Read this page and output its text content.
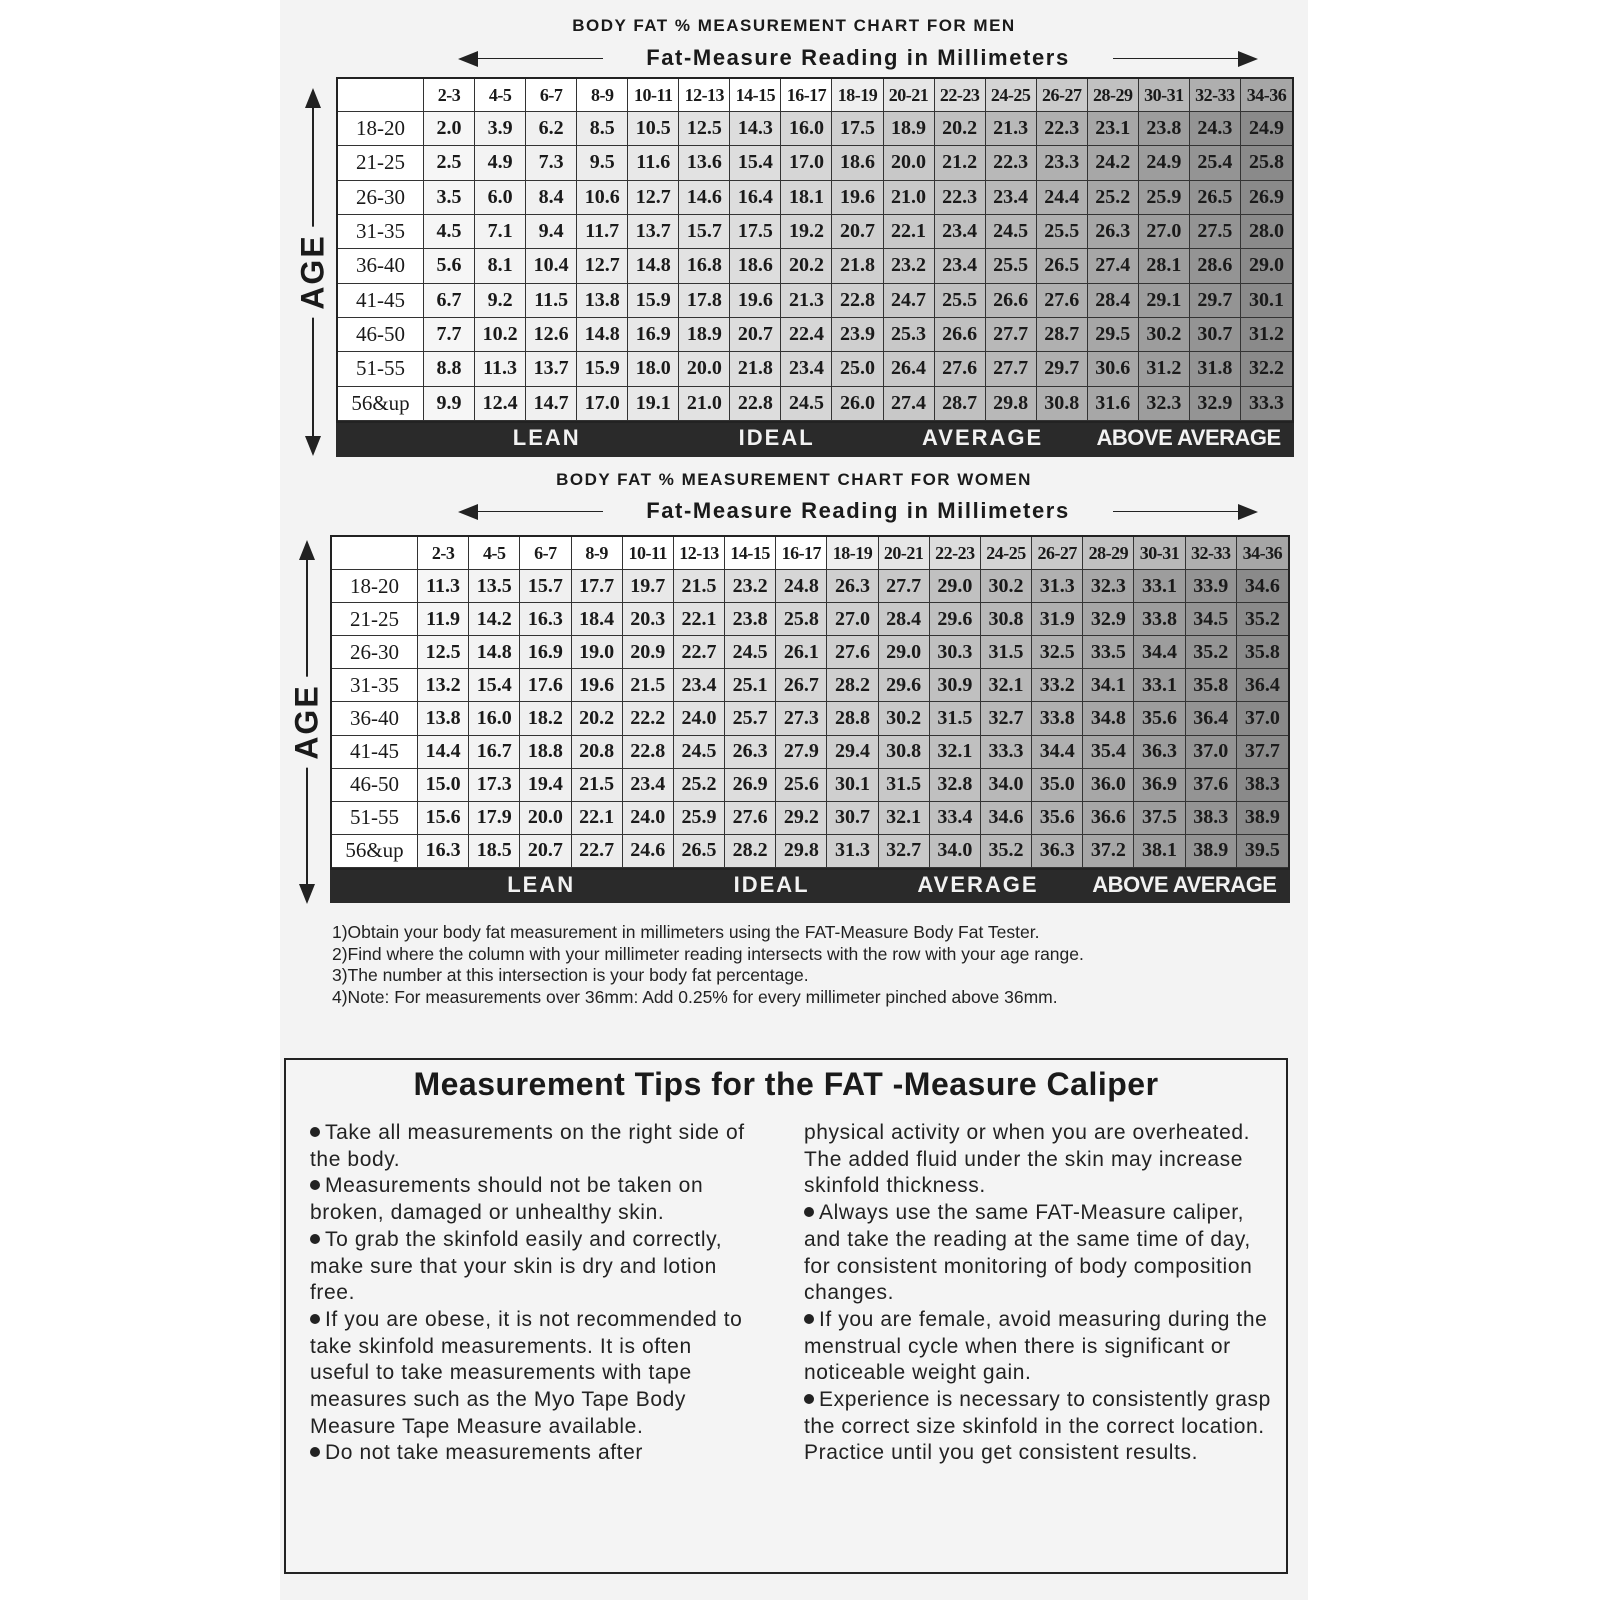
BODY FAT % MEASUREMENT CHART FOR MEN
Fat-Measure Reading in Millimeters
AGE
2-3	4-5	6-7	8-9	10-11 12-13 14-15 16-17 18-19 20-21 22-23 24-25 26-27 28-29 30-31 32-33 34-36
18-20	2.0	3.9	6.2	8.5	10.5 12.5 14.3 16.0 17.5 18.9 20.2 21.3 22.3 23.1 23.8 24.3 24.9
21-25	2.5	4.9	7.3	9.5	11.6 13.6 15.4 17.0 18.6 20.0 21.2 22.3 23.3 24.2 24.9 25.4 25.8
26-30	3.5	6.0	8.4	10.6 12.7 14.6 16.4 18.1 19.6 21.0 22.3 23.4 24.4 25.2 25.9 26.5 26.9
31-35	4.5	7.1	9.4	11.7 13.7 15.7 17.5 19.2 20.7 22.1 23.4 24.5 25.5 26.3 27.0 27.5 28.0
36-40	5.6	8.1	10.4 12.7 14.8 16.8 18.6 20.2 21.8 23.2 23.4 25.5 26.5 27.4 28.1 28.6 29.0
41-45	6.7	9.2	11.5 13.8 15.9 17.8 19.6 21.3 22.8 24.7 25.5 26.6 27.6 28.4 29.1 29.7 30.1
46-50	7.7	10.2 12.6 14.8 16.9 18.9 20.7 22.4 23.9 25.3 26.6 27.7 28.7 29.5 30.2 30.7 31.2
51-55	8.8	11.3 13.7 15.9 18.0 20.0 21.8 23.4 25.0 26.4 27.6 27.7 29.7 30.6 31.2 31.8 32.2
56&up	9.9	12.4 14.7 17.0 19.1 21.0 22.8 24.5 26.0 27.4 28.7 29.8 30.8 31.6 32.3 32.9 33.3
LEAN	IDEAL	AVERAGE ABOVE AVERAGE
BODY FAT % MEASUREMENT CHART FOR WOMEN
Fat-Measure Reading in Millimeters
AGE
2-3	4-5	6-7	8-9	10-11 12-13 14-15 16-17 18-19 20-21 22-23 24-25 26-27 28-29 30-31 32-33 34-36
18-20	11.3 13.5 15.7 17.7 19.7 21.5 23.2 24.8 26.3 27.7 29.0 30.2 31.3 32.3 33.1 33.9 34.6
21-25	11.9 14.2 16.3 18.4 20.3 22.1 23.8 25.8 27.0 28.4 29.6 30.8 31.9 32.9 33.8 34.5 35.2
26-30	12.5 14.8 16.9 19.0 20.9 22.7 24.5 26.1 27.6 29.0 30.3 31.5 32.5 33.5 34.4 35.2 35.8
31-35	13.2 15.4 17.6 19.6 21.5 23.4 25.1 26.7 28.2 29.6 30.9 32.1 33.2 34.1 33.1 35.8 36.4
36-40	13.8 16.0 18.2 20.2 22.2 24.0 25.7 27.3 28.8 30.2 31.5 32.7 33.8 34.8 35.6 36.4 37.0
41-45	14.4 16.7 18.8 20.8 22.8 24.5 26.3 27.9 29.4 30.8 32.1 33.3 34.4 35.4 36.3 37.0 37.7
46-50	15.0 17.3 19.4 21.5 23.4 25.2 26.9 25.6 30.1 31.5 32.8 34.0 35.0 36.0 36.9 37.6 38.3
51-55	15.6 17.9 20.0 22.1 24.0 25.9 27.6 29.2 30.7 32.1 33.4 34.6 35.6 36.6 37.5 38.3 38.9
56&up	16.3 18.5 20.7 22.7 24.6 26.5 28.2 29.8 31.3 32.7 34.0 35.2 36.3 37.2 38.1 38.9 39.5
LEAN	IDEAL	AVERAGE ABOVE AVERAGE
1)Obtain your body fat measurement in millimeters using the FAT-Measure Body Fat Tester.
2)Find where the column with your millimeter reading intersects with the row with your age range.
3)The number at this intersection is your body fat percentage.
4)Note: For measurements over 36mm: Add 0.25% for every millimeter pinched above 36mm.
Measurement Tips for the FAT -Measure Caliper

Take all measurements on the right side of the body.

Measurements should not be taken on broken, damaged or unhealthy skin.

To grab the skinfold easily and correctly, make sure that your skin is dry and lotion free.

If you are obese, it is not recommended to take skinfold measurements. It is often useful to take measurements with tape measures such as the Myo Tape Body Measure Tape Measure available.

Do not take measurements after

physical activity or when you are overheated. The added fluid under the skin may increase skinfold thickness.

Always use the same FAT-Measure caliper, and take the reading at the same time of day, for consistent monitoring of body composition changes.

If you are female, avoid measuring during the menstrual cycle when there is significant or noticeable weight gain.

Experience is necessary to consistently grasp the correct size skinfold in the correct location. Practice until you get consistent results.
